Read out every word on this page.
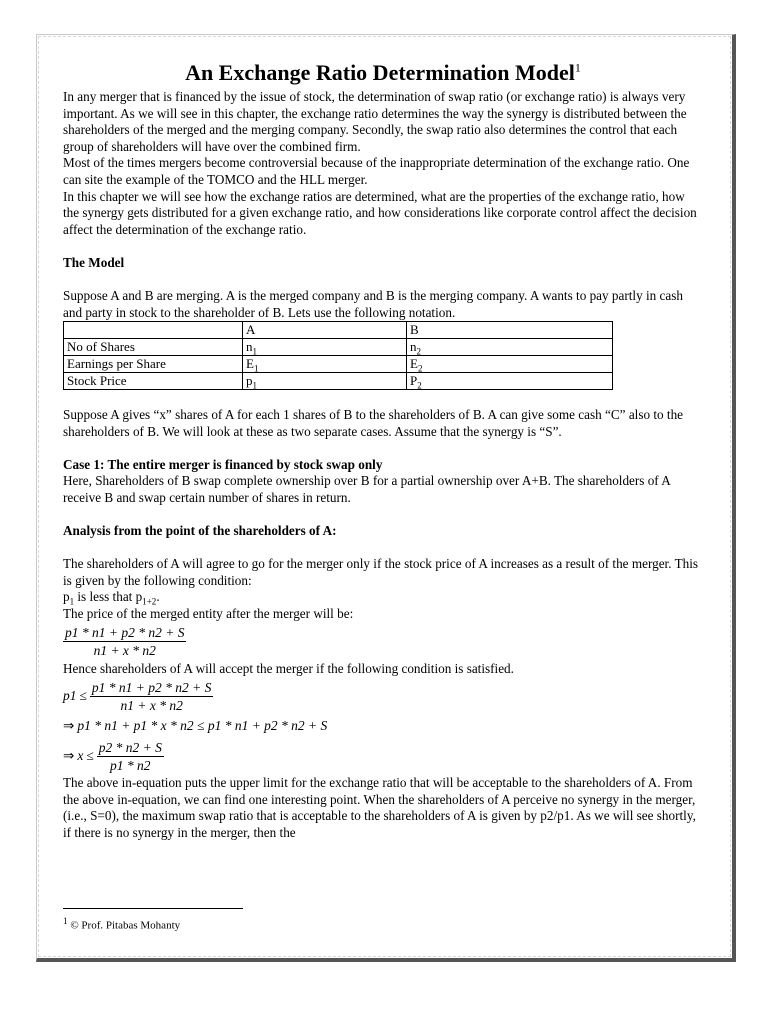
An Exchange Ratio Determination Model$^1$

In any merger that is financed by the issue of stock, the determination of swap ratio (or exchange ratio) is always very important. As we will see in this chapter, the exchange ratio determines the way the synergy is distributed between the shareholders of the merged and the merging company. Secondly, the swap ratio also determines the control that each group of shareholders will have over the combined firm.

Most of the times mergers become controversial because of the inappropriate determination of the exchange ratio. One can site the example of the TOMCO and the HLL merger.

In this chapter we will see how the exchange ratios are determined, what are the properties of the exchange ratio, how the synergy gets distributed for a given exchange ratio, and how considerations like corporate control affect the decision affect the determination of the exchange ratio.

The Model

Suppose A and B are merging. A is the merged company and B is the merging company. A wants to pay partly in cash and party in stock to the shareholder of B. Lets use the following notation.

	A	B
No of Shares	$n_1$	$n_2$
Earnings per Share	$E_1$	$E_2$
Stock Price	$p_1$	$P_2$

Suppose A gives “x” shares of A for each 1 shares of B to the shareholders of B. A can give some cash “C” also to the shareholders of B. We will look at these as two separate cases. Assume that the synergy is “S”.

Case 1: The entire merger is financed by stock swap only

Here, Shareholders of B swap complete ownership over B for a partial ownership over A+B. The shareholders of A receive B and swap certain number of shares in return.

Analysis from the point of the shareholders of A:

The shareholders of A will agree to go for the merger only if the stock price of A increases as a result of the merger. This is given by the following condition:

$p_1$ is less that $p_{1+2}$.

The price of the merged entity after the merger will be:

$\frac{p1 * n1 + p2 * n2 + S}{n1 + x * n2}$

Hence shareholders of A will accept the merger if the following condition is satisfied.

$p1 \le \frac{p1 * n1 + p2 * n2 + S}{n1 + x * n2}$
⇒ p1 * n1 + p1 * x * n2 ≤ p1 * n1 + p2 * n2 + S
⇒ $x \le \frac{p2 * n2 + S}{p1 * n2}$

The above in-equation puts the upper limit for the exchange ratio that will be acceptable to the shareholders of A. From the above in-equation, we can find one interesting point. When the shareholders of A perceive no synergy in the merger, (i.e., S=0), the maximum swap ratio that is acceptable to the shareholders of A is given by p2/p1. As we will see shortly, if there is no synergy in the merger, then the

$^1$ © Prof. Pitabas Mohanty
